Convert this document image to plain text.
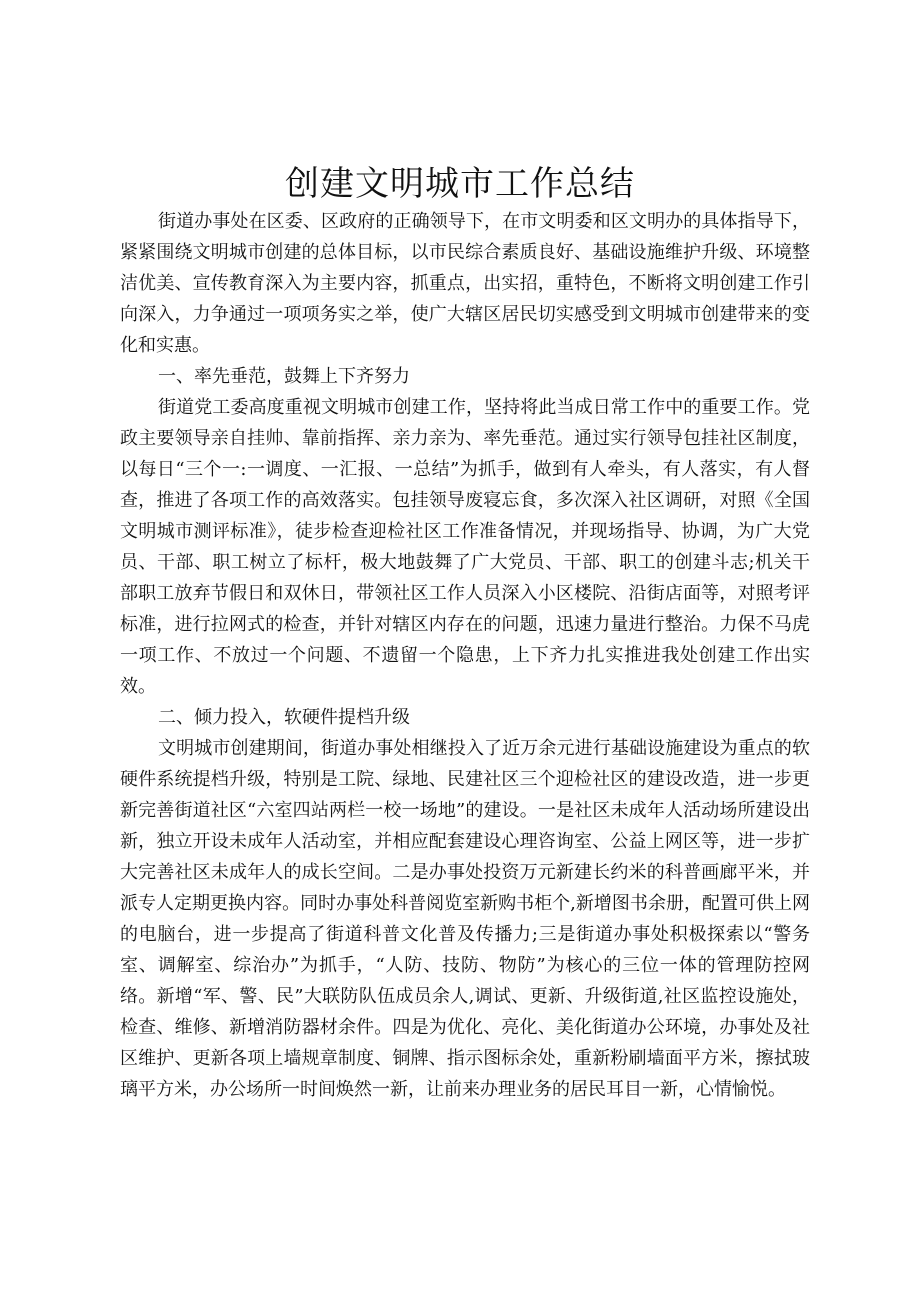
创建文明城市工作总结

街道办事处在区委、区政府的正确领导下，在市文明委和区文明办的具体指导下，紧紧围绕文明城市创建的总体目标，以市民综合素质良好、基础设施维护升级、环境整洁优美、宣传教育深入为主要内容，抓重点，出实招，重特色，不断将文明创建工作引向深入，力争通过一项项务实之举，使广大辖区居民切实感受到文明城市创建带来的变化和实惠。

一、率先垂范，鼓舞上下齐努力

街道党工委高度重视文明城市创建工作，坚持将此当成日常工作中的重要工作。党政主要领导亲自挂帅、靠前指挥、亲力亲为、率先垂范。通过实行领导包挂社区制度，以每日“三个一:一调度、一汇报、一总结”为抓手，做到有人牵头，有人落实，有人督查，推进了各项工作的高效落实。包挂领导废寝忘食，多次深入社区调研，对照《全国文明城市测评标准》，徒步检查迎检社区工作准备情况，并现场指导、协调，为广大党员、干部、职工树立了标杆，极大地鼓舞了广大党员、干部、职工的创建斗志;机关干部职工放弃节假日和双休日，带领社区工作人员深入小区楼院、沿街店面等，对照考评标准，进行拉网式的检查，并针对辖区内存在的问题，迅速力量进行整治。力保不马虎一项工作、不放过一个问题、不遗留一个隐患，上下齐力扎实推进我处创建工作出实效。

二、倾力投入，软硬件提档升级

文明城市创建期间，街道办事处相继投入了近万余元进行基础设施建设为重点的软硬件系统提档升级，特别是工院、绿地、民建社区三个迎检社区的建设改造，进一步更新完善街道社区“六室四站两栏一校一场地”的建设。一是社区未成年人活动场所建设出新，独立开设未成年人活动室，并相应配套建设心理咨询室、公益上网区等，进一步扩大完善社区未成年人的成长空间。二是办事处投资万元新建长约米的科普画廊平米，并派专人定期更换内容。同时办事处科普阅览室新购书柜个,新增图书余册，配置可供上网的电脑台，进一步提高了街道科普文化普及传播力;三是街道办事处积极探索以“警务室、调解室、综治办”为抓手，“人防、技防、物防”为核心的三位一体的管理防控网络。新增“军、警、民”大联防队伍成员余人,调试、更新、升级街道,社区监控设施处，检查、维修、新增消防器材余件。四是为优化、亮化、美化街道办公环境，办事处及社区维护、更新各项上墙规章制度、铜牌、指示图标余处，重新粉刷墙面平方米，擦拭玻璃平方米，办公场所一时间焕然一新，让前来办理业务的居民耳目一新，心情愉悦。
